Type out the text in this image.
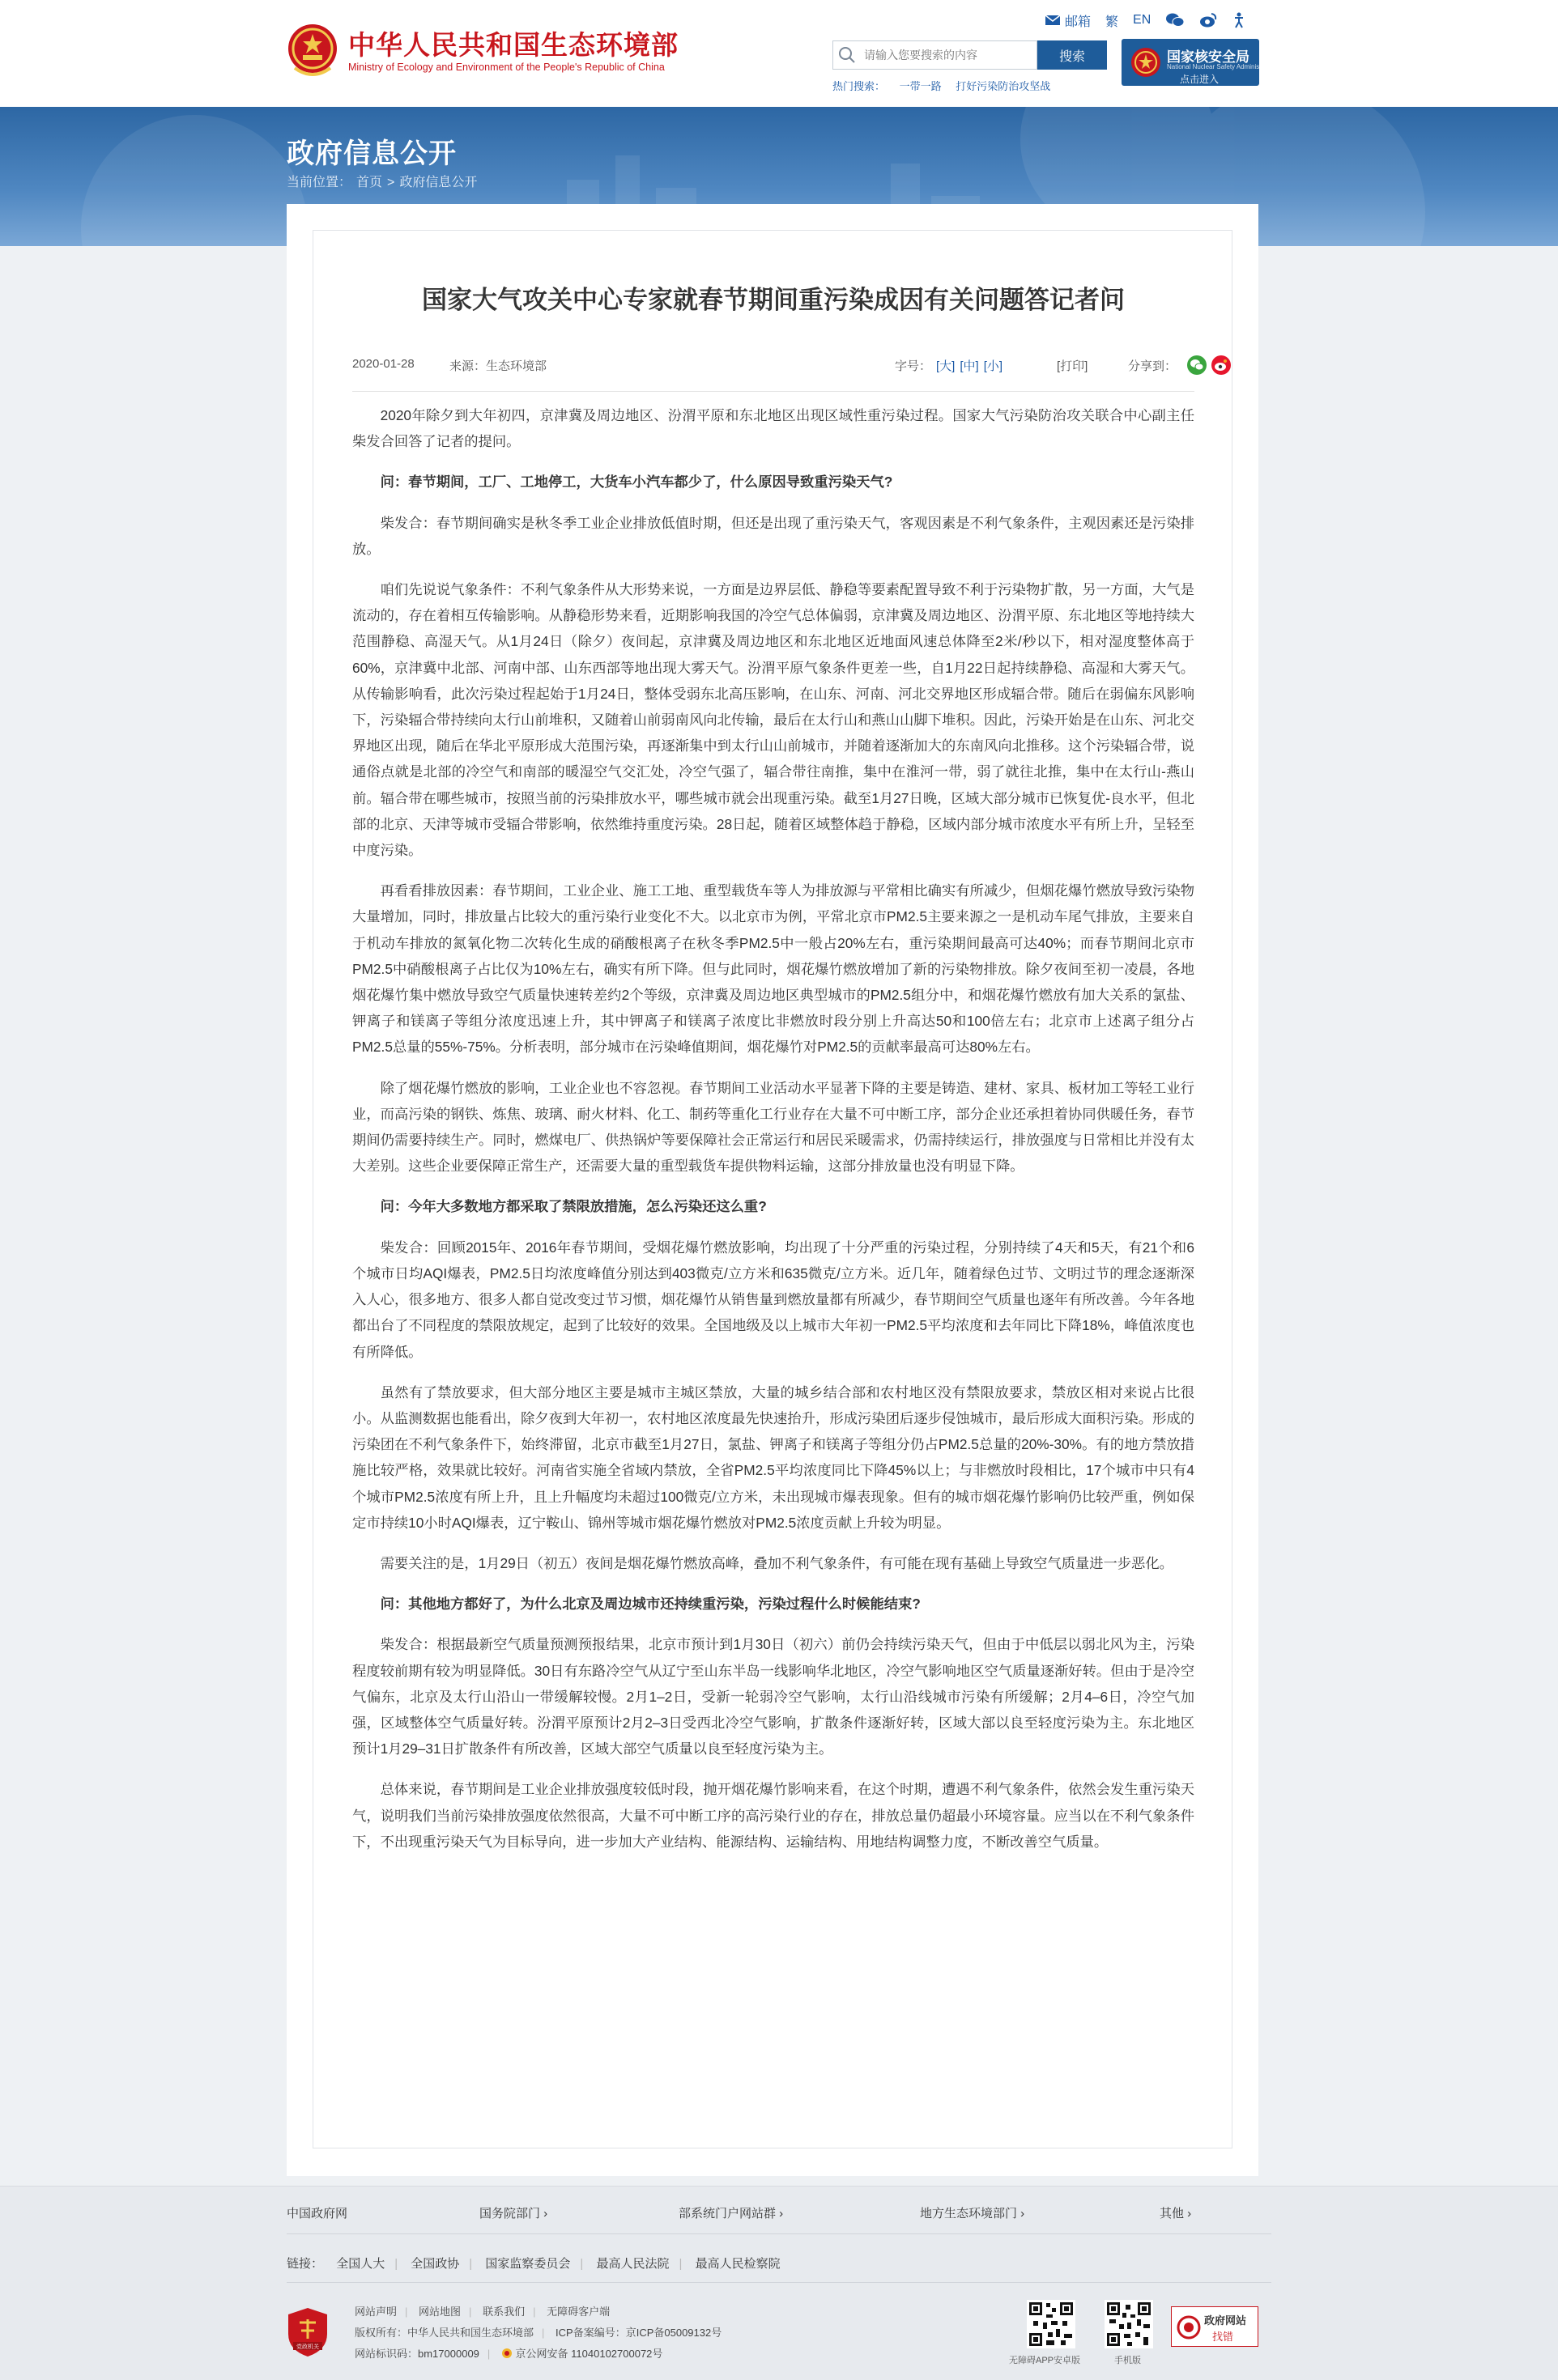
中华人民共和国生态环境部
Ministry of Ecology and Environment of the People's Republic of China
邮箱 繁 EN
请输入您要搜索的内容
搜索
热门搜索： 一带一路 打好污染防治攻坚战
国家核安全局
National Nuclear Safety Administration
点击进入
政府信息公开
当前位置： 首页 > 政府信息公开
国家大气攻关中心专家就春节期间重污染成因有关问题答记者问
2020-01-28	来源：生态环境部	字号： [大] [中] [小]	[打印]	分享到：

2020年除夕到大年初四，京津冀及周边地区、汾渭平原和东北地区出现区域性重污染过程。国家大气污染防治攻关联合中心副主任柴发合回答了记者的提问。

问：春节期间，工厂、工地停工，大货车小汽车都少了，什么原因导致重污染天气?

柴发合：春节期间确实是秋冬季工业企业排放低值时期，但还是出现了重污染天气，客观因素是不利气象条件，主观因素还是污染排放。

咱们先说说气象条件：不利气象条件从大形势来说，一方面是边界层低、静稳等要素配置导致不利于污染物扩散，另一方面，大气是流动的，存在着相互传输影响。从静稳形势来看，近期影响我国的冷空气总体偏弱，京津冀及周边地区、汾渭平原、东北地区等地持续大范围静稳、高湿天气。从1月24日（除夕）夜间起，京津冀及周边地区和东北地区近地面风速总体降至2米/秒以下，相对湿度整体高于60%，京津冀中北部、河南中部、山东西部等地出现大雾天气。汾渭平原气象条件更差一些，自1月22日起持续静稳、高湿和大雾天气。从传输影响看，此次污染过程起始于1月24日，整体受弱东北高压影响，在山东、河南、河北交界地区形成辐合带。随后在弱偏东风影响下，污染辐合带持续向太行山前堆积，又随着山前弱南风向北传输，最后在太行山和燕山山脚下堆积。因此，污染开始是在山东、河北交界地区出现，随后在华北平原形成大范围污染，再逐渐集中到太行山山前城市，并随着逐渐加大的东南风向北推移。这个污染辐合带，说通俗点就是北部的冷空气和南部的暖湿空气交汇处，冷空气强了，辐合带往南推，集中在淮河一带，弱了就往北推，集中在太行山-燕山前。辐合带在哪些城市，按照当前的污染排放水平，哪些城市就会出现重污染。截至1月27日晚，区域大部分城市已恢复优-良水平，但北部的北京、天津等城市受辐合带影响，依然维持重度污染。28日起，随着区域整体趋于静稳，区域内部分城市浓度水平有所上升，呈轻至中度污染。

再看看排放因素：春节期间，工业企业、施工工地、重型载货车等人为排放源与平常相比确实有所减少，但烟花爆竹燃放导致污染物大量增加，同时，排放量占比较大的重污染行业变化不大。以北京市为例，平常北京市PM2.5主要来源之一是机动车尾气排放，主要来自于机动车排放的氮氧化物二次转化生成的硝酸根离子在秋冬季PM2.5中一般占20%左右，重污染期间最高可达40%；而春节期间北京市PM2.5中硝酸根离子占比仅为10%左右，确实有所下降。但与此同时，烟花爆竹燃放增加了新的污染物排放。除夕夜间至初一凌晨，各地烟花爆竹集中燃放导致空气质量快速转差约2个等级，京津冀及周边地区典型城市的PM2.5组分中，和烟花爆竹燃放有加大关系的氯盐、钾离子和镁离子等组分浓度迅速上升，其中钾离子和镁离子浓度比非燃放时段分别上升高达50和100倍左右；北京市上述离子组分占PM2.5总量的55%-75%。分析表明，部分城市在污染峰值期间，烟花爆竹对PM2.5的贡献率最高可达80%左右。

除了烟花爆竹燃放的影响，工业企业也不容忽视。春节期间工业活动水平显著下降的主要是铸造、建材、家具、板材加工等轻工业行业，而高污染的钢铁、炼焦、玻璃、耐火材料、化工、制药等重化工行业存在大量不可中断工序，部分企业还承担着协同供暖任务，春节期间仍需要持续生产。同时，燃煤电厂、供热锅炉等要保障社会正常运行和居民采暖需求，仍需持续运行，排放强度与日常相比并没有太大差别。这些企业要保障正常生产，还需要大量的重型载货车提供物料运输，这部分排放量也没有明显下降。

问：今年大多数地方都采取了禁限放措施，怎么污染还这么重?

柴发合：回顾2015年、2016年春节期间，受烟花爆竹燃放影响，均出现了十分严重的污染过程，分别持续了4天和5天，有21个和6个城市日均AQI爆表，PM2.5日均浓度峰值分别达到403微克/立方米和635微克/立方米。近几年，随着绿色过节、文明过节的理念逐渐深入人心，很多地方、很多人都自觉改变过节习惯，烟花爆竹从销售量到燃放量都有所减少，春节期间空气质量也逐年有所改善。今年各地都出台了不同程度的禁限放规定，起到了比较好的效果。全国地级及以上城市大年初一PM2.5平均浓度和去年同比下降18%，峰值浓度也有所降低。

虽然有了禁放要求，但大部分地区主要是城市主城区禁放，大量的城乡结合部和农村地区没有禁限放要求，禁放区相对来说占比很小。从监测数据也能看出，除夕夜到大年初一，农村地区浓度最先快速抬升，形成污染团后逐步侵蚀城市，最后形成大面积污染。形成的污染团在不利气象条件下，始终滞留，北京市截至1月27日，氯盐、钾离子和镁离子等组分仍占PM2.5总量的20%-30%。有的地方禁放措施比较严格，效果就比较好。河南省实施全省域内禁放，全省PM2.5平均浓度同比下降45%以上；与非燃放时段相比，17个城市中只有4个城市PM2.5浓度有所上升，且上升幅度均未超过100微克/立方米，未出现城市爆表现象。但有的城市烟花爆竹影响仍比较严重，例如保定市持续10小时AQI爆表，辽宁鞍山、锦州等城市烟花爆竹燃放对PM2.5浓度贡献上升较为明显。

需要关注的是，1月29日（初五）夜间是烟花爆竹燃放高峰，叠加不利气象条件，有可能在现有基础上导致空气质量进一步恶化。

问：其他地方都好了，为什么北京及周边城市还持续重污染，污染过程什么时候能结束?

柴发合：根据最新空气质量预测预报结果，北京市预计到1月30日（初六）前仍会持续污染天气，但由于中低层以弱北风为主，污染程度较前期有较为明显降低。30日有东路冷空气从辽宁至山东半岛一线影响华北地区，冷空气影响地区空气质量逐渐好转。但由于是冷空气偏东，北京及太行山沿山一带缓解较慢。2月1–2日，受新一轮弱冷空气影响，太行山沿线城市污染有所缓解；2月4–6日，冷空气加强，区域整体空气质量好转。汾渭平原预计2月2–3日受西北冷空气影响，扩散条件逐渐好转，区域大部以良至轻度污染为主。东北地区预计1月29–31日扩散条件有所改善，区域大部空气质量以良至轻度污染为主。

总体来说，春节期间是工业企业排放强度较低时段，抛开烟花爆竹影响来看，在这个时期，遭遇不利气象条件，依然会发生重污染天气，说明我们当前污染排放强度依然很高，大量不可中断工序的高污染行业的存在，排放总量仍超最小环境容量。应当以在不利气象条件下，不出现重污染天气为目标导向，进一步加大产业结构、能源结构、运输结构、用地结构调整力度，不断改善空气质量。

中国政府网	国务院部门 ›	部系统门户网站群 ›	地方生态环境部门 ›	其他 ›
链接： 全国人大 | 全国政协 | 国家监察委员会 | 最高人民法院 | 最高人民检察院
党政机关
网站声明 | 网站地图 | 联系我们 | 无障碍客户端
版权所有：中华人民共和国生态环境部 | ICP备案编号：京ICP备05009132号
网站标识码：bm17000009 | 京公网安备 11040102700072号
无障碍APP安卓版	手机版
政府网站
找错
